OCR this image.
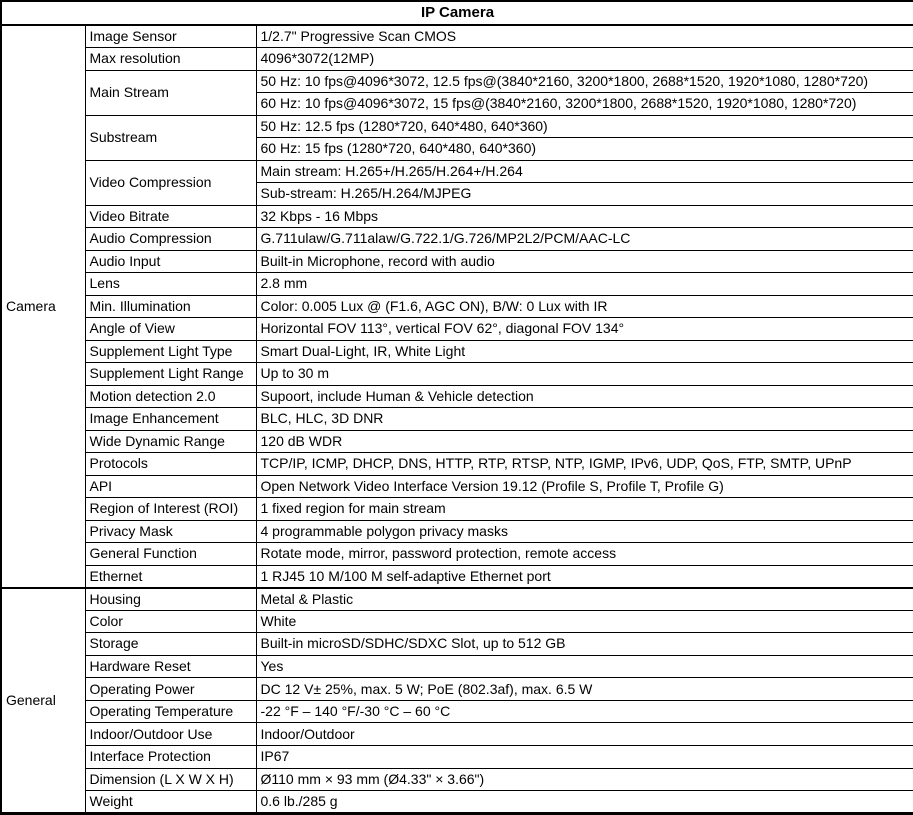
IP Camera		
Camera	Image Sensor	1/2.7" Progressive Scan CMOS
	Max resolution	4096*3072(12MP)
	Main Stream	50 Hz: 10 fps@4096*3072, 12.5 fps@(3840*2160, 3200*1800, 2688*1520, 1920*1080, 1280*720)
		60 Hz: 10 fps@4096*3072, 15 fps@(3840*2160, 3200*1800, 2688*1520, 1920*1080, 1280*720)
	Substream	50 Hz: 12.5 fps (1280*720, 640*480, 640*360)
		60 Hz: 15 fps (1280*720, 640*480, 640*360)
	Video Compression	Main stream: H.265+/H.265/H.264+/H.264
		Sub-stream: H.265/H.264/MJPEG
	Video Bitrate	32 Kbps - 16 Mbps
	Audio Compression	G.711ulaw/G.711alaw/G.722.1/G.726/MP2L2/PCM/AAC-LC
	Audio Input	Built-in Microphone, record with audio
	Lens	2.8 mm
	Min. Illumination	Color: 0.005 Lux @ (F1.6, AGC ON), B/W: 0 Lux with IR
	Angle of View	Horizontal FOV 113°, vertical FOV 62°, diagonal FOV 134°
	Supplement Light Type	Smart Dual-Light, IR, White Light
	Supplement Light Range	Up to 30 m
	Motion detection 2.0	Supoort, include Human & Vehicle detection
	Image Enhancement	BLC, HLC, 3D DNR
	Wide Dynamic Range	120 dB WDR
	Protocols	TCP/IP, ICMP, DHCP, DNS, HTTP, RTP, RTSP, NTP, IGMP, IPv6, UDP, QoS, FTP, SMTP, UPnP
	API	Open Network Video Interface Version 19.12 (Profile S, Profile T, Profile G)
	Region of Interest (ROI)	1 fixed region for main stream
	Privacy Mask	4 programmable polygon privacy masks
	General Function	Rotate mode, mirror, password protection, remote access
	Ethernet	1 RJ45 10 M/100 M self-adaptive Ethernet port
General	Housing	Metal & Plastic
	Color	White
	Storage	Built-in microSD/SDHC/SDXC Slot, up to 512 GB
	Hardware Reset	Yes
	Operating Power	DC 12 V± 25%, max. 5 W; PoE (802.3af), max. 6.5 W
	Operating Temperature	-22 °F – 140 °F/-30 °C – 60 °C
	Indoor/Outdoor Use	Indoor/Outdoor
	Interface Protection	IP67
	Dimension (L X W X H)	Ø110 mm × 93 mm (Ø4.33" × 3.66")
	Weight	0.6 lb./285 g
